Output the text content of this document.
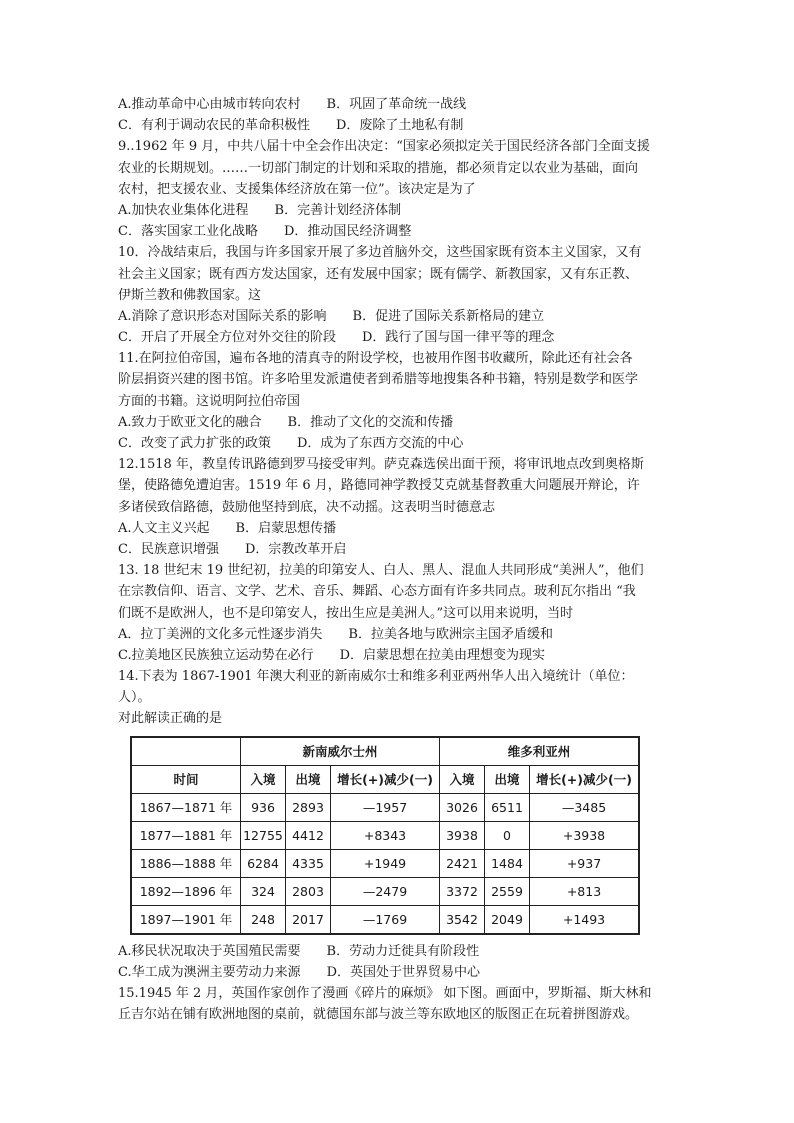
A.推动革命中心由城市转向农村 B．巩固了革命统一战线
C．有利于调动农民的革命积极性 D．废除了土地私有制
9..1962 年 9 月，中共八届十中全会作出决定：“国家必须拟定关于国民经济各部门全面支援
农业的长期规划。……一切部门制定的计划和采取的措施，都必须肯定以农业为基础，面向
农村，把支援农业、支援集体经济放在第一位”。该决定是为了
A.加快农业集体化进程 B．完善计划经济体制
C．落实国家工业化战略 D．推动国民经济调整
10．冷战结束后，我国与许多国家开展了多边首脑外交，这些国家既有资本主义国家，又有
社会主义国家；既有西方发达国家，还有发展中国家；既有儒学、新教国家，又有东正教、
伊斯兰教和佛教国家。这
A.消除了意识形态对国际关系的影响 B．促进了国际关系新格局的建立
C．开启了开展全方位对外交往的阶段 D．践行了国与国一律平等的理念
11.在阿拉伯帝国，遍布各地的清真寺的附设学校，也被用作图书收藏所，除此还有社会各
阶层捐资兴建的图书馆。许多哈里发派遣使者到希腊等地搜集各种书籍，特别是数学和医学
方面的书籍。这说明阿拉伯帝国
A.致力于欧亚文化的融合 B．推动了文化的交流和传播
C．改变了武力扩张的政策 D．成为了东西方交流的中心
12.1518 年，教皇传讯路德到罗马接受审判。萨克森选侯出面干预，将审讯地点改到奥格斯
堡，使路德免遭迫害。1519 年 6 月，路德同神学教授艾克就基督教重大问题展开辩论，许
多诸侯致信路德，鼓励他坚持到底，决不动摇。这表明当时德意志
A.人文主义兴起 B．启蒙思想传播
C．民族意识增强 D．宗教改革开启
13. 18 世纪末 19 世纪初，拉美的印第安人、白人、黑人、混血人共同形成“美洲人”，他们
在宗教信仰、语言、文学、艺术、音乐、舞蹈、心态方面有许多共同点。玻利瓦尔指出 “我
们既不是欧洲人，也不是印第安人，按出生应是美洲人。”这可以用来说明，当时
A．拉丁美洲的文化多元性逐步消失 B．拉美各地与欧洲宗主国矛盾缓和
C.拉美地区民族独立运动势在必行 D．启蒙思想在拉美由理想变为现实
14.下表为 1867-1901 年澳大利亚的新南威尔士和维多利亚两州华人出入境统计（单位：
人）。
对此解读正确的是
	新南威尔士州			维多利亚州		
时间	入境	出境	增长(+)减少(一)	入境	出境	增长(+)减少(一)
1867—1871 年	936	2893	—1957	3026	6511	—3485
1877—1881 年	12755	4412	+8343	3938	0	+3938
1886—1888 年	6284	4335	+1949	2421	1484	+937
1892—1896 年	324	2803	—2479	3372	2559	+813
1897—1901 年	248	2017	—1769	3542	2049	+1493
A.移民状况取决于英国殖民需要 B．劳动力迁徙具有阶段性
C.华工成为澳洲主要劳动力来源 D．英国处于世界贸易中心
15.1945 年 2 月，英国作家创作了漫画《碎片的麻烦》 如下图。画面中，罗斯福、斯大林和
丘吉尔站在铺有欧洲地图的桌前，就德国东部与波兰等东欧地区的版图正在玩着拼图游戏。
